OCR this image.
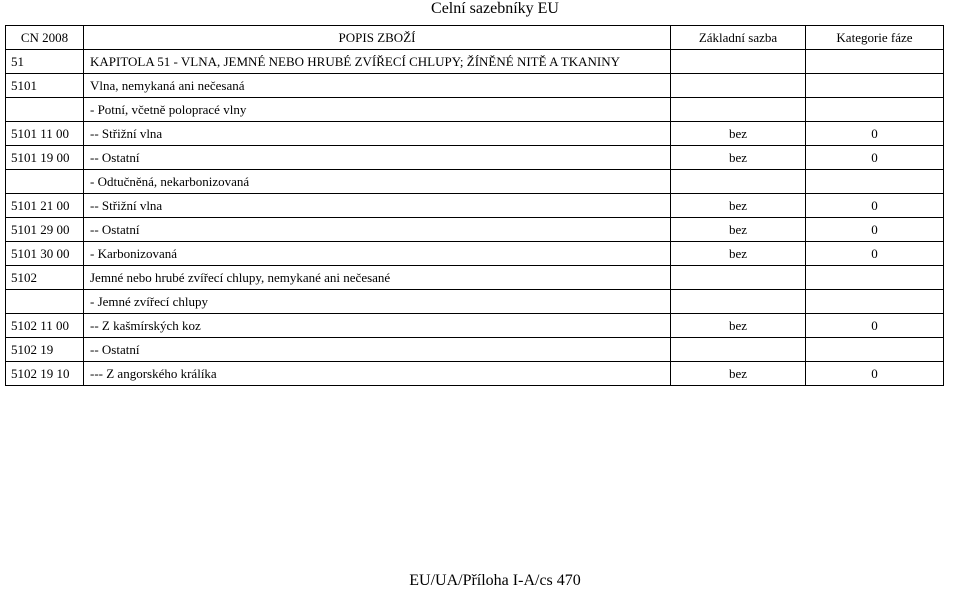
Celní sazebníky EU
CN 2008	POPIS ZBOŽÍ	Základní sazba	Kategorie fáze
51	KAPITOLA 51 - VLNA, JEMNÉ NEBO HRUBÉ ZVÍŘECÍ CHLUPY; ŽÍNĚNÉ NITĚ A TKANINY		
5101	Vlna, nemykaná ani nečesaná		
	- Potní, včetně polopracé vlny		
5101 11 00	-- Střižní vlna	bez	0
5101 19 00	-- Ostatní	bez	0
	- Odtučněná, nekarbonizovaná		
5101 21 00	-- Střižní vlna	bez	0
5101 29 00	-- Ostatní	bez	0
5101 30 00	- Karbonizovaná	bez	0
5102	Jemné nebo hrubé zvířecí chlupy, nemykané ani nečesané		
	- Jemné zvířecí chlupy		
5102 11 00	-- Z kašmírských koz	bez	0
5102 19	-- Ostatní		
5102 19 10	--- Z angorského králíka	bez	0
EU/UA/Příloha I-A/cs 470
